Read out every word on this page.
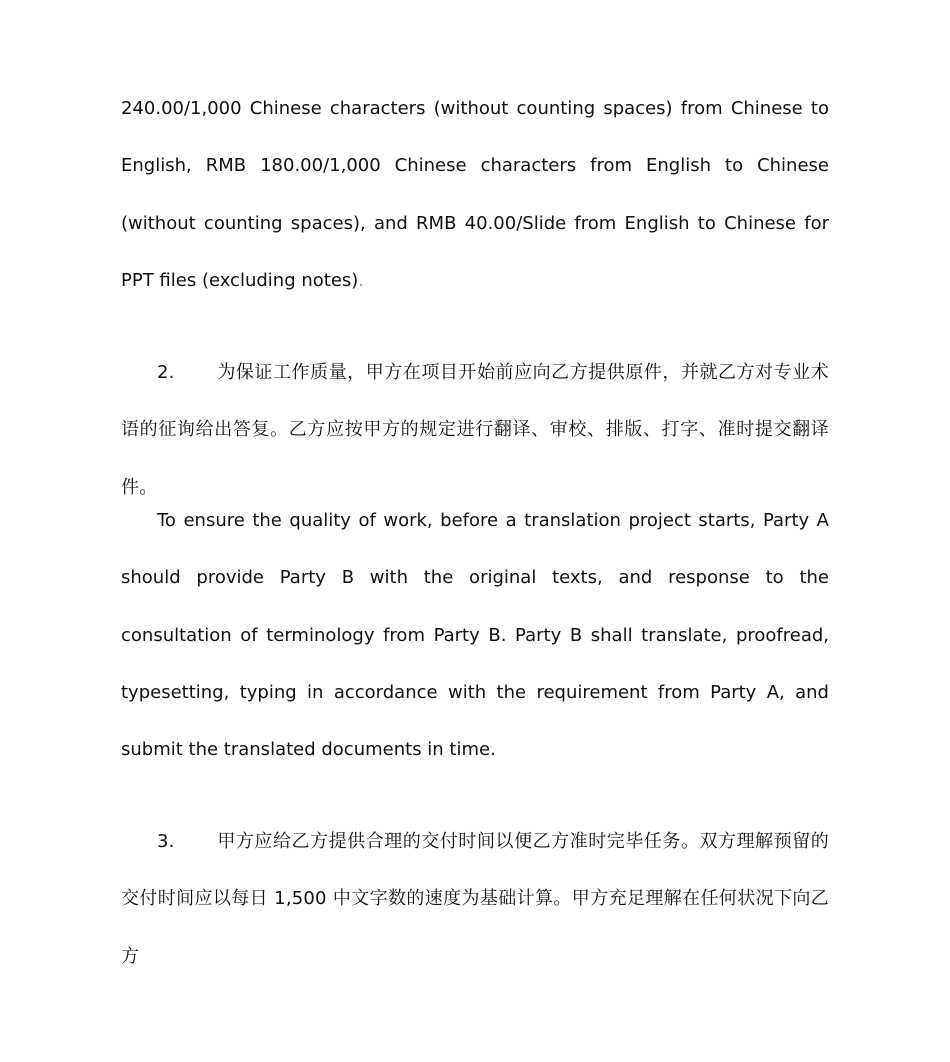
240.00/1,000 Chinese characters (without counting spaces) from Chinese to English, RMB 180.00/1,000 Chinese characters from English to Chinese (without counting spaces), and RMB 40.00/Slide from English to Chinese for PPT files (excluding notes).

2. 为保证工作质量，甲方在项目开始前应向乙方提供原件，并就乙方对专业术语的征询给出答复。乙方应按甲方的规定进行翻译、审校、排版、打字、准时提交翻译件。

To ensure the quality of work, before a translation project starts, Party A should provide Party B with the original texts, and response to the consultation of terminology from Party B. Party B shall translate, proofread, typesetting, typing in accordance with the requirement from Party A, and submit the translated documents in time.

3. 甲方应给乙方提供合理的交付时间以便乙方准时完毕任务。双方理解预留的交付时间应以每日 1,500 中文字数的速度为基础计算。甲方充足理解在任何状况下向乙方
